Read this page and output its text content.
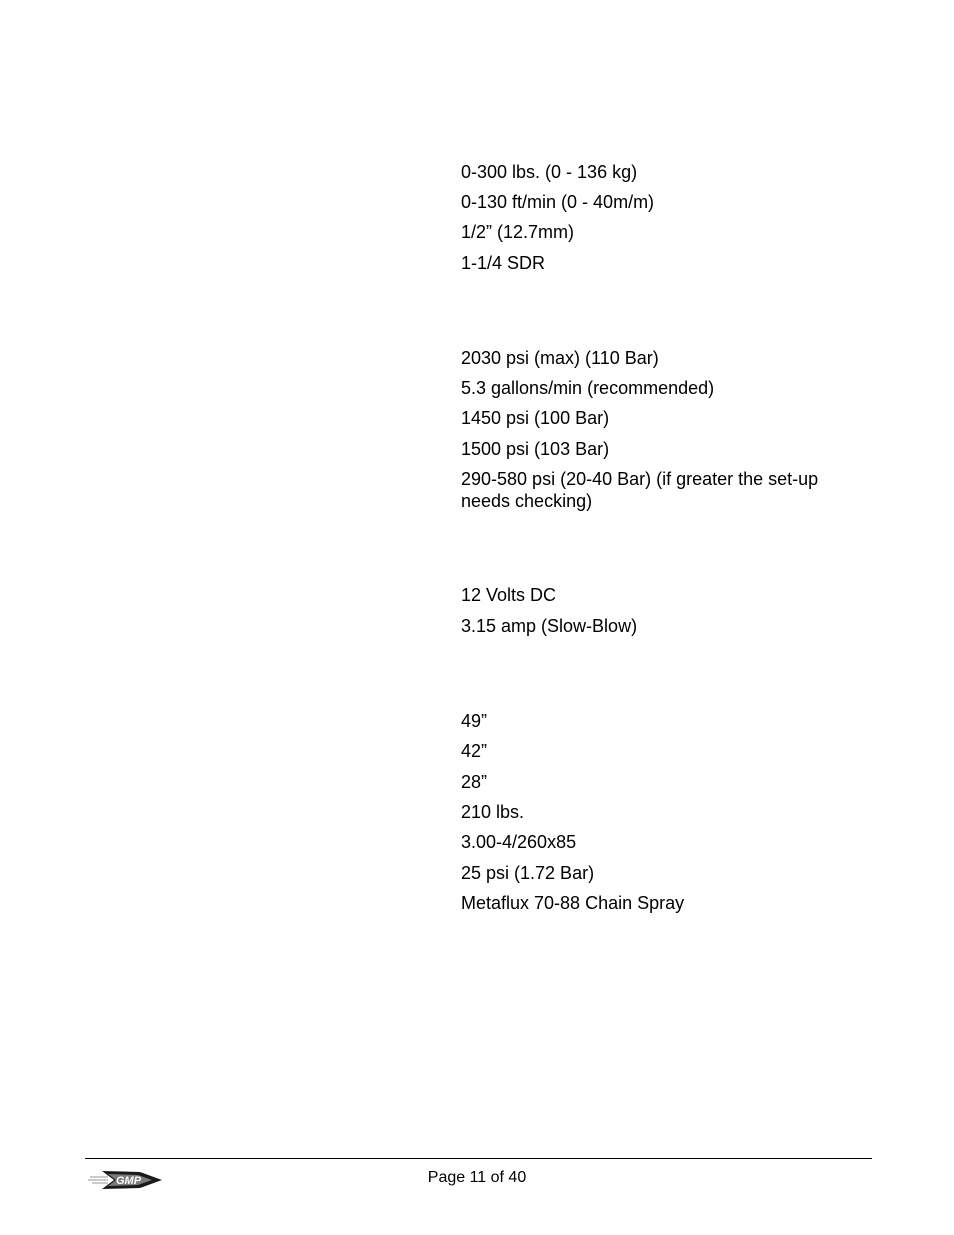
0-300 lbs. (0 - 136 kg)
0-130 ft/min (0 - 40m/m)
1/2” (12.7mm)
1-1/4 SDR
2030 psi (max) (110 Bar)
5.3 gallons/min (recommended)
1450 psi (100 Bar)
1500 psi (103 Bar)
290-580 psi (20-40 Bar) (if greater the set-up needs checking)
12 Volts DC
3.15 amp (Slow-Blow)
49”
42”
28”
210 lbs.
3.00-4/260x85
25 psi (1.72 Bar)
Metaflux 70-88 Chain Spray
GMP	Page 11 of 40
